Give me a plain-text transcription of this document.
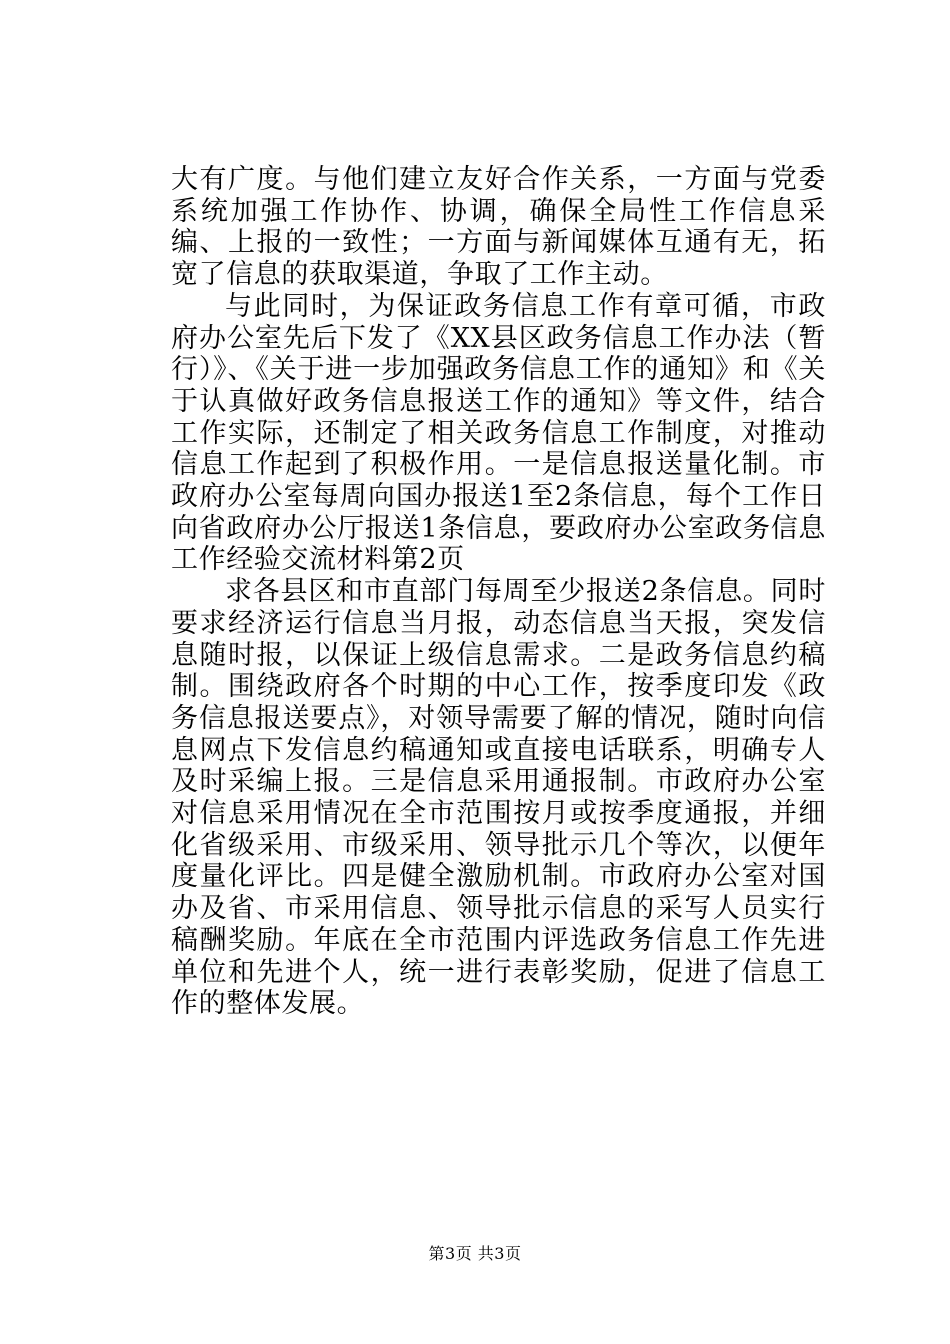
大有广度。与他们建立友好合作关系，一方面与党委系统加强工作协作、协调，确保全局性工作信息采编、上报的一致性；一方面与新闻媒体互通有无，拓宽了信息的获取渠道，争取了工作主动。

与此同时，为保证政务信息工作有章可循，市政府办公室先后下发了《XX县区政务信息工作办法（暂行）》、《关于进一步加强政务信息工作的通知》和《关于认真做好政务信息报送工作的通知》等文件，结合工作实际，还制定了相关政务信息工作制度，对推动信息工作起到了积极作用。一是信息报送量化制。市政府办公室每周向国办报送1至2条信息，每个工作日向省政府办公厅报送1条信息，要政府办公室政务信息工作经验交流材料第2页

求各县区和市直部门每周至少报送2条信息。同时要求经济运行信息当月报，动态信息当天报，突发信息随时报，以保证上级信息需求。二是政务信息约稿制。围绕政府各个时期的中心工作，按季度印发《政务信息报送要点》，对领导需要了解的情况，随时向信息网点下发信息约稿通知或直接电话联系，明确专人及时采编上报。三是信息采用通报制。市政府办公室对信息采用情况在全市范围按月或按季度通报，并细化省级采用、市级采用、领导批示几个等次，以便年度量化评比。四是健全激励机制。市政府办公室对国办及省、市采用信息、领导批示信息的采写人员实行稿酬奖励。年底在全市范围内评选政务信息工作先进单位和先进个人，统一进行表彰奖励，促进了信息工作的整体发展。

第3页 共3页
